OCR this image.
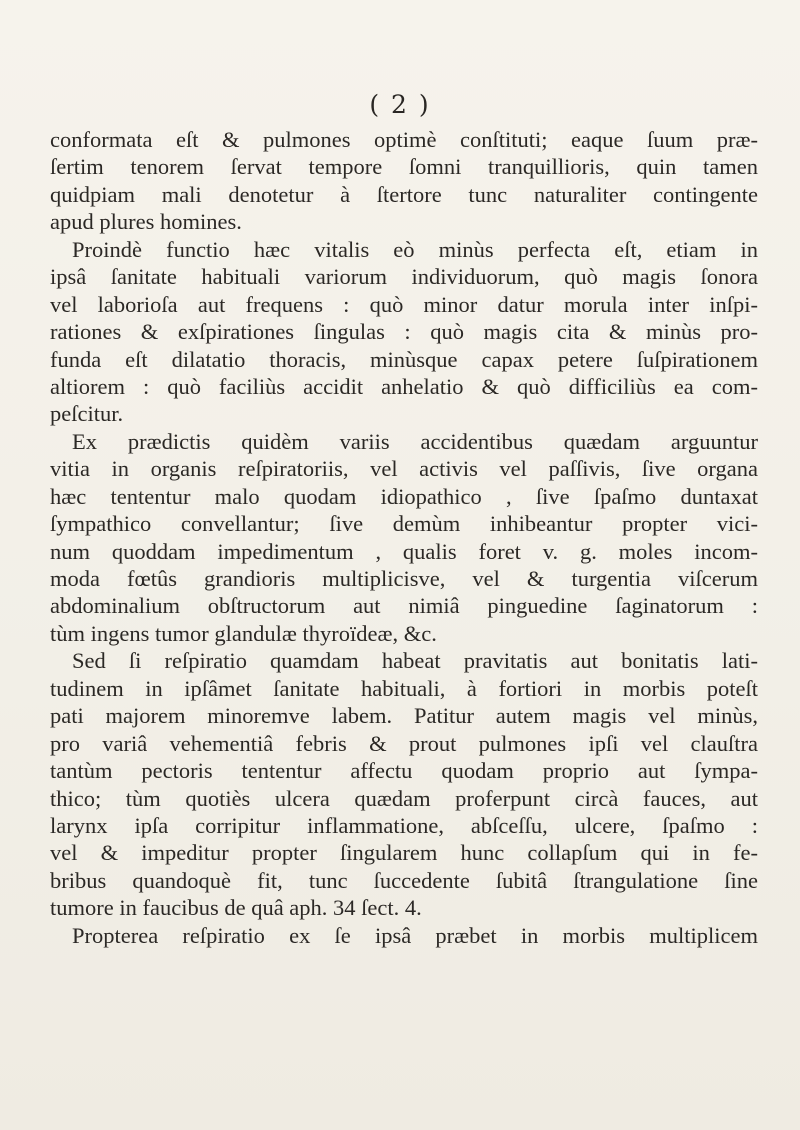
( 2 )
conformata eſt & pulmones optimè conſtituti; eaque ſuum præ-
ſertim tenorem ſervat tempore ſomni tranquillioris, quin tamen
quidpiam mali denotetur à ſtertore tunc naturaliter contingente
apud plures homines.
Proindè functio hæc vitalis eò minùs perfecta eſt, etiam in
ipsâ ſanitate habituali variorum individuorum, quò magis ſonora
vel laborioſa aut frequens : quò minor datur morula inter inſpi-
rationes & exſpirationes ſingulas : quò magis cita & minùs pro-
funda eſt dilatatio thoracis, minùsque capax petere ſuſpirationem
altiorem : quò faciliùs accidit anhelatio & quò difficiliùs ea com-
peſcitur.
Ex prædictis quidèm variis accidentibus quædam arguuntur
vitia in organis reſpiratoriis, vel activis vel paſſivis, ſive organa
hæc tententur malo quodam idiopathico , ſive ſpaſmo duntaxat
ſympathico convellantur; ſive demùm inhibeantur propter vici-
num quoddam impedimentum , qualis foret v. g. moles incom-
moda fœtûs grandioris multiplicisve, vel & turgentia viſcerum
abdominalium obſtructorum aut nimiâ pinguedine ſaginatorum :
tùm ingens tumor glandulæ thyroïdeæ, &c.
Sed ſi reſpiratio quamdam habeat pravitatis aut bonitatis lati-
tudinem in ipſâmet ſanitate habituali, à fortiori in morbis poteſt
pati majorem minoremve labem. Patitur autem magis vel minùs,
pro variâ vehementiâ febris & prout pulmones ipſi vel clauſtra
tantùm pectoris tententur affectu quodam proprio aut ſympa-
thico; tùm quotiès ulcera quædam proferpunt circà fauces, aut
larynx ipſa corripitur inflammatione, abſceſſu, ulcere, ſpaſmo :
vel & impeditur propter ſingularem hunc collapſum qui in fe-
bribus quandoquè fit, tunc ſuccedente ſubitâ ſtrangulatione ſine
tumore in faucibus de quâ aph. 34 ſect. 4.
Propterea reſpiratio ex ſe ipsâ præbet in morbis multiplicem
